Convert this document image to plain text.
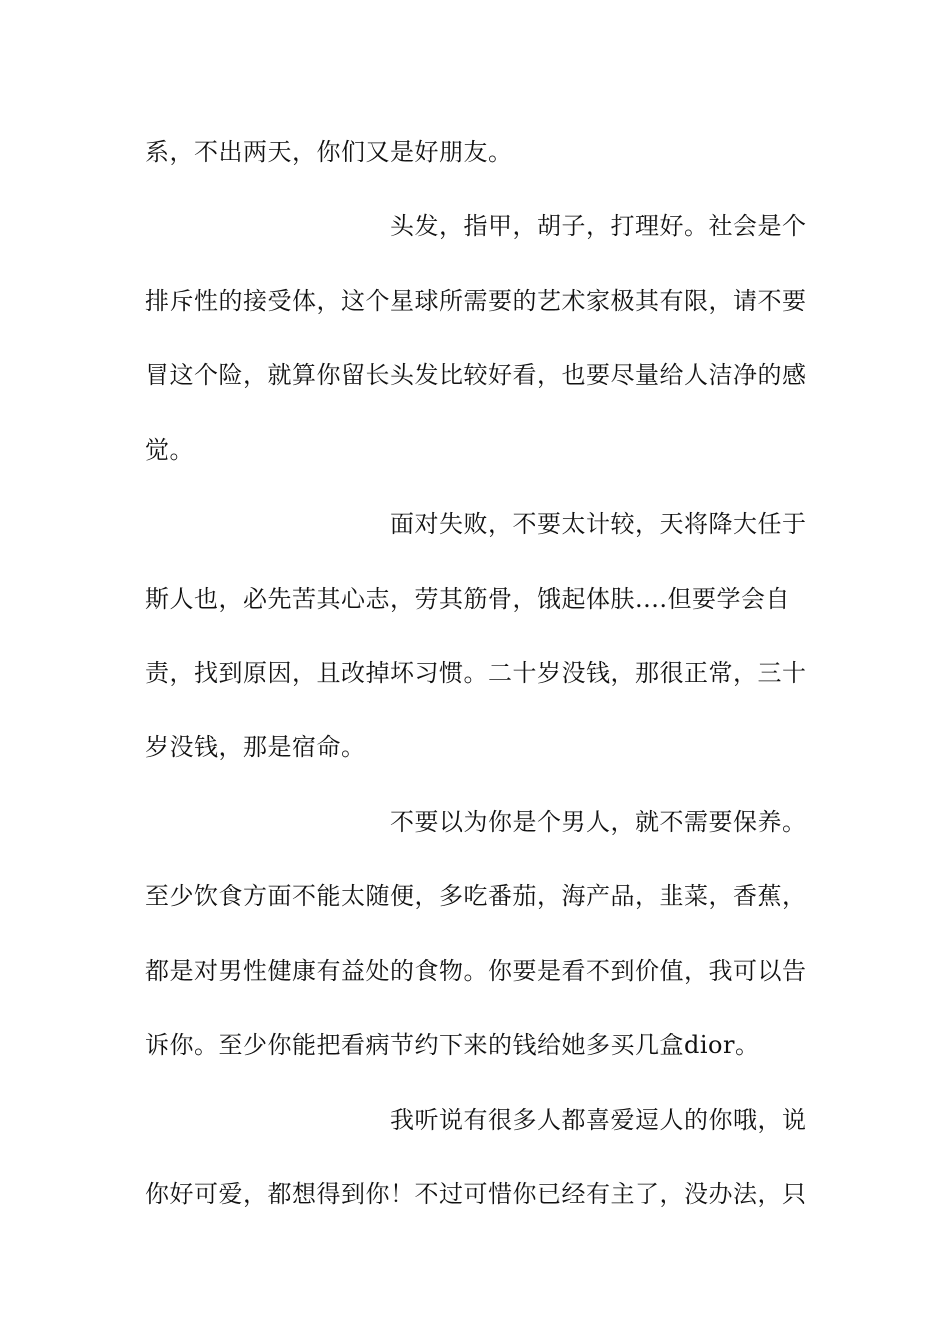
系，不出两天，你们又是好朋友。
头发，指甲，胡子，打理好。社会是个
排斥性的接受体，这个星球所需要的艺术家极其有限，请不要
冒这个险，就算你留长头发比较好看，也要尽量给人洁净的感
觉。
面对失败，不要太计较，天将降大任于
斯人也，必先苦其心志，劳其筋骨，饿起体肤....但要学会自
责，找到原因，且改掉坏习惯。二十岁没钱，那很正常，三十
岁没钱，那是宿命。
不要以为你是个男人，就不需要保养。
至少饮食方面不能太随便，多吃番茄，海产品，韭菜，香蕉，
都是对男性健康有益处的食物。你要是看不到价值，我可以告
诉你。至少你能把看病节约下来的钱给她多买几盒dior。
我听说有很多人都喜爱逗人的你哦，说
你好可爱，都想得到你！不过可惜你已经有主了，没办法，只
